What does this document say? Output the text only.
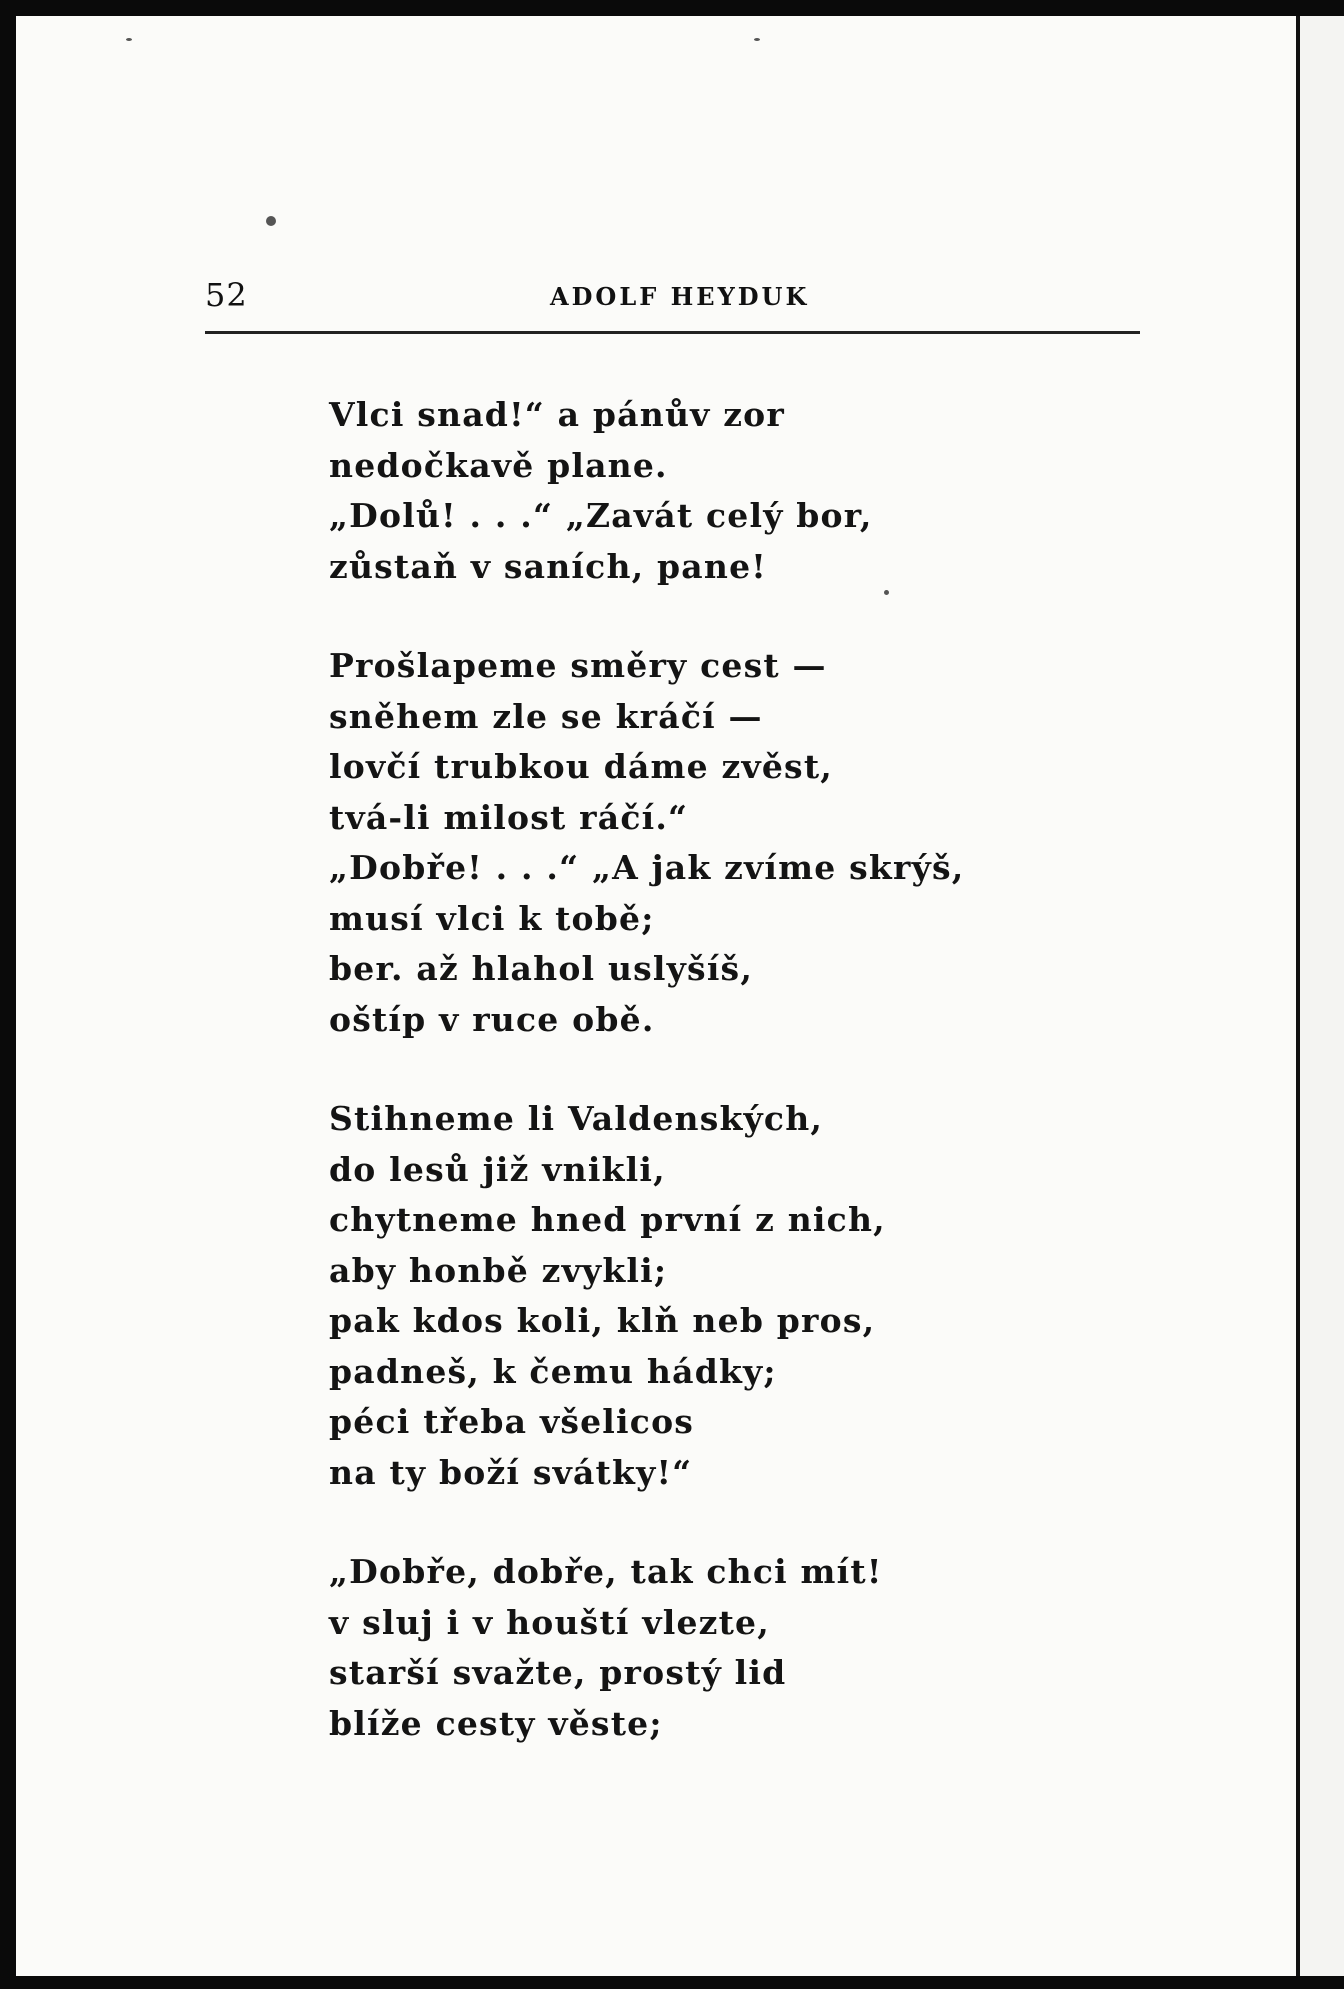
52	ADOLF HEYDUK
Vlci snad!“ a pánův zor
nedočkavě plane.
„Dolů! . . .“ „Zavát celý bor,
zůstaň v saních, pane!
Prošlapeme směry cest —
sněhem zle se kráčí —
lovčí trubkou dáme zvěst,
tvá-li milost ráčí.“
„Dobře! . . .“ „A jak zvíme skrýš,
musí vlci k tobě;
ber. až hlahol uslyšíš,
oštíp v ruce obě.
Stihneme li Valdenských,
do lesů již vnikli,
chytneme hned první z nich,
aby honbě zvykli;
pak kdos koli, klň neb pros,
padneš, k čemu hádky;
péci třeba všelicos
na ty boží svátky!“
„Dobře, dobře, tak chci mít!
v sluj i v houští vlezte,
starší svažte, prostý lid
blíže cesty věste;
